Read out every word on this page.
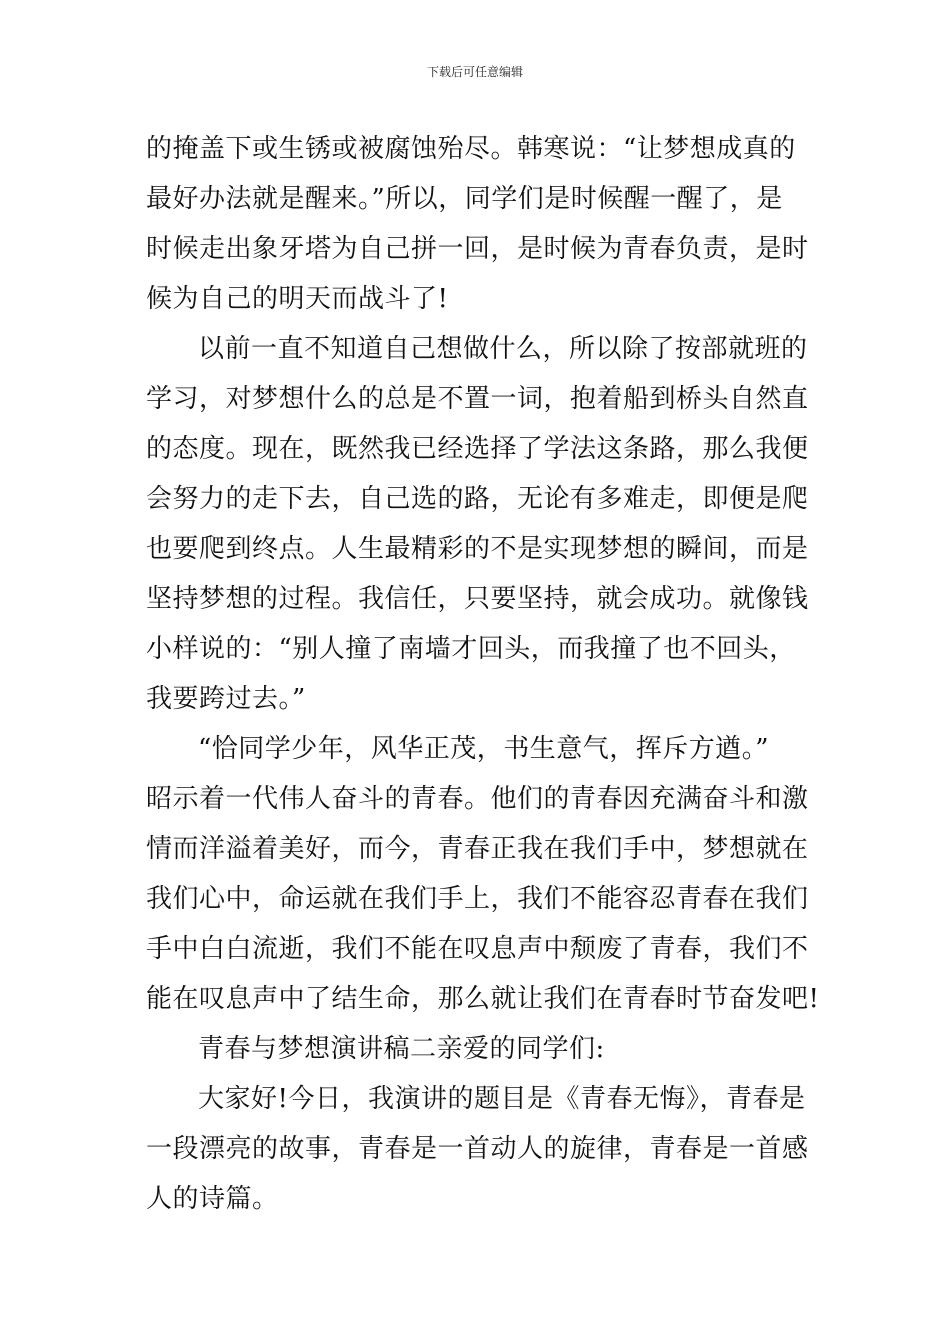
下载后可任意编辑
的掩盖下或生锈或被腐蚀殆尽。韩寒说：“让梦想成真的
最好办法就是醒来。”所以，同学们是时候醒一醒了，是
时候走出象牙塔为自己拼一回，是时候为青春负责，是时
候为自己的明天而战斗了!
以前一直不知道自己想做什么，所以除了按部就班的
学习，对梦想什么的总是不置一词，抱着船到桥头自然直
的态度。现在，既然我已经选择了学法这条路，那么我便
会努力的走下去，自己选的路，无论有多难走，即便是爬
也要爬到终点。人生最精彩的不是实现梦想的瞬间，而是
坚持梦想的过程。我信任，只要坚持，就会成功。就像钱
小样说的：“别人撞了南墙才回头，而我撞了也不回头，
我要跨过去。”
“恰同学少年，风华正茂，书生意气，挥斥方遒。”
昭示着一代伟人奋斗的青春。他们的青春因充满奋斗和激
情而洋溢着美好，而今，青春正我在我们手中，梦想就在
我们心中，命运就在我们手上，我们不能容忍青春在我们
手中白白流逝，我们不能在叹息声中颓废了青春，我们不
能在叹息声中了结生命，那么就让我们在青春时节奋发吧!
青春与梦想演讲稿二亲爱的同学们:
大家好!今日，我演讲的题目是《青春无悔》，青春是
一段漂亮的故事，青春是一首动人的旋律，青春是一首感
人的诗篇。
